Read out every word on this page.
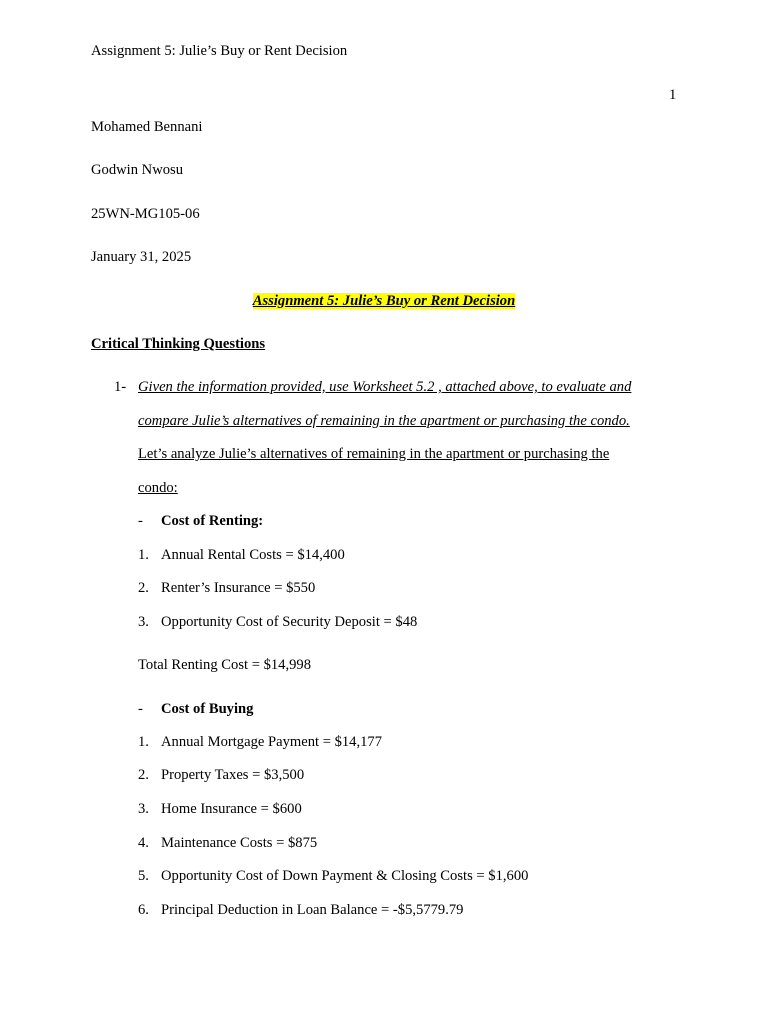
Assignment 5: Julie’s Buy or Rent Decision
1
Mohamed Bennani
Godwin Nwosu
25WN-MG105-06
January 31, 2025
Assignment 5: Julie’s Buy or Rent Decision
Critical Thinking Questions
1- Given the information provided, use Worksheet 5.2 , attached above, to evaluate and
compare Julie’s alternatives of remaining in the apartment or purchasing the condo.
Let’s analyze Julie’s alternatives of remaining in the apartment or purchasing the
condo:
- Cost of Renting:
1. Annual Rental Costs = $14,400
2. Renter’s Insurance = $550
3. Opportunity Cost of Security Deposit = $48
Total Renting Cost = $14,998
- Cost of Buying
1. Annual Mortgage Payment = $14,177
2. Property Taxes = $3,500
3. Home Insurance = $600
4. Maintenance Costs = $875
5. Opportunity Cost of Down Payment & Closing Costs = $1,600
6. Principal Deduction in Loan Balance = -$5,5779.79
